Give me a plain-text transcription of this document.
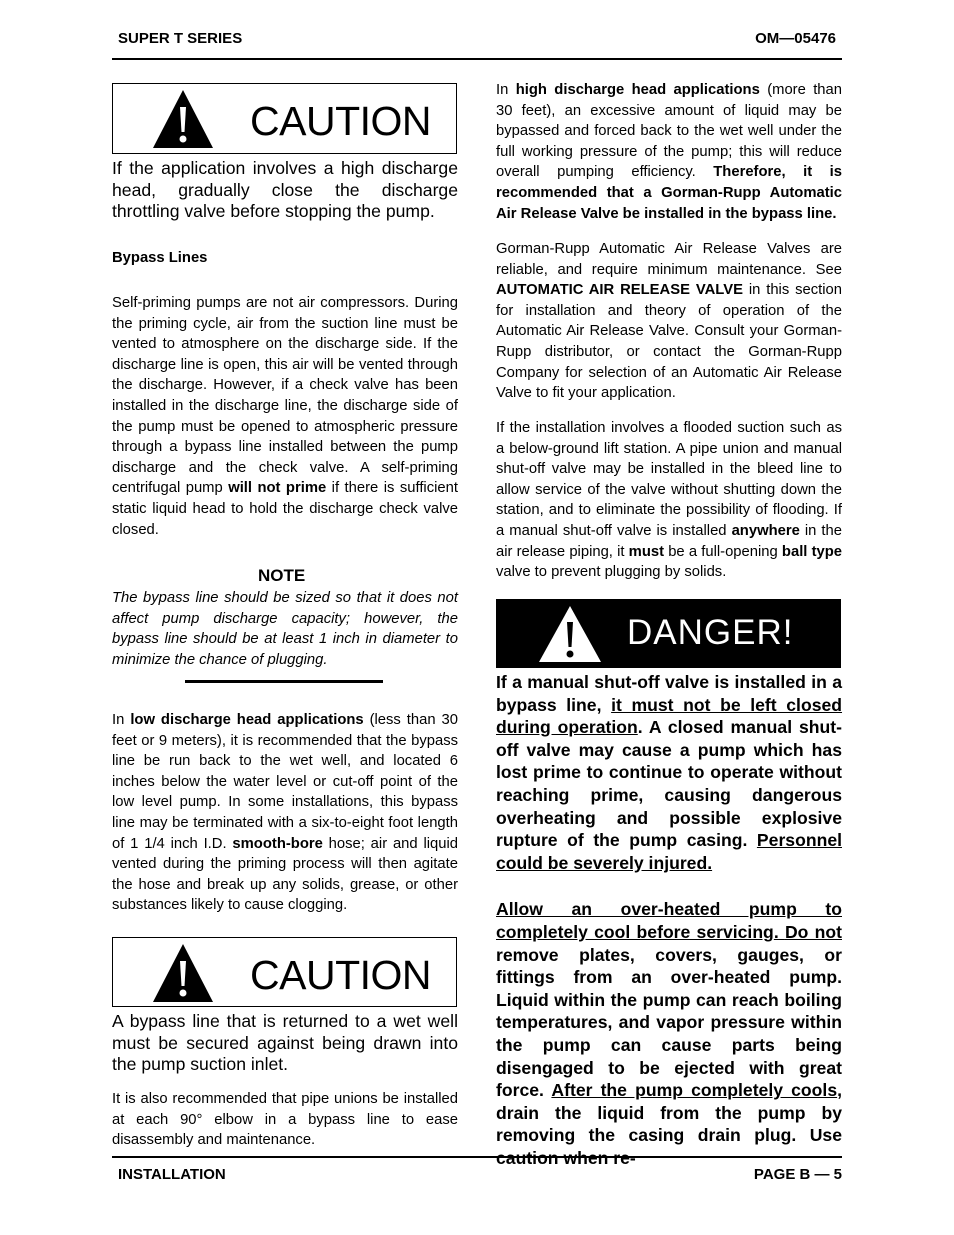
SUPER T SERIES	OM—05476
CAUTION
If the application involves a high discharge head, gradually close the discharge throttling valve before stopping the pump.
Bypass Lines

Self-priming pumps are not air compressors. During the priming cycle, air from the suction line must be vented to atmosphere on the discharge side. If the discharge line is open, this air will be vented through the discharge. However, if a check valve has been installed in the discharge line, the discharge side of the pump must be opened to atmospheric pressure through a bypass line installed between the pump discharge and the check valve. A self-priming centrifugal pump will not prime if there is sufficient static liquid head to hold the discharge check valve closed.

NOTE
The bypass line should be sized so that it does not affect pump discharge capacity; however, the bypass line should be at least 1 inch in diameter to minimize the chance of plugging.

In low discharge head applications (less than 30 feet or 9 meters), it is recommended that the bypass line be run back to the wet well, and located 6 inches below the water level or cut-off point of the low level pump. In some installations, this bypass line may be terminated with a six-to-eight foot length of 1 1/4 inch I.D. smooth-bore hose; air and liquid vented during the priming process will then agitate the hose and break up any solids, grease, or other substances likely to cause clogging.

CAUTION
A bypass line that is returned to a wet well must be secured against being drawn into the pump suction inlet.
It is also recommended that pipe unions be installed at each 90° elbow in a bypass line to ease disassembly and maintenance.

In high discharge head applications (more than 30 feet), an excessive amount of liquid may be bypassed and forced back to the wet well under the full working pressure of the pump; this will reduce overall pumping efficiency. Therefore, it is recommended that a Gorman-Rupp Automatic Air Release Valve be installed in the bypass line.

Gorman-Rupp Automatic Air Release Valves are reliable, and require minimum maintenance. See AUTOMATIC AIR RELEASE VALVE in this section for installation and theory of operation of the Automatic Air Release Valve. Consult your Gorman-Rupp distributor, or contact the Gorman-Rupp Company for selection of an Automatic Air Release Valve to fit your application.

If the installation involves a flooded suction such as a below-ground lift station. A pipe union and manual shut-off valve may be installed in the bleed line to allow service of the valve without shutting down the station, and to eliminate the possibility of flooding. If a manual shut-off valve is installed anywhere in the air release piping, it must be a full-opening ball type valve to prevent plugging by solids.

DANGER!

If a manual shut-off valve is installed in a bypass line, it must not be left closed during operation. A closed manual shut-off valve may cause a pump which has lost prime to continue to operate without reaching prime, causing dangerous overheating and possible explosive rupture of the pump casing. Personnel could be severely injured.

Allow an over-heated pump to completely cool before servicing. Do not remove plates, covers, gauges, or fittings from an over-heated pump. Liquid within the pump can reach boiling temperatures, and vapor pressure within the pump can cause parts being disengaged to be ejected with great force. After the pump completely cools, drain the liquid from the pump by removing the casing drain plug. Use

INSTALLATION	PAGE B — 5
